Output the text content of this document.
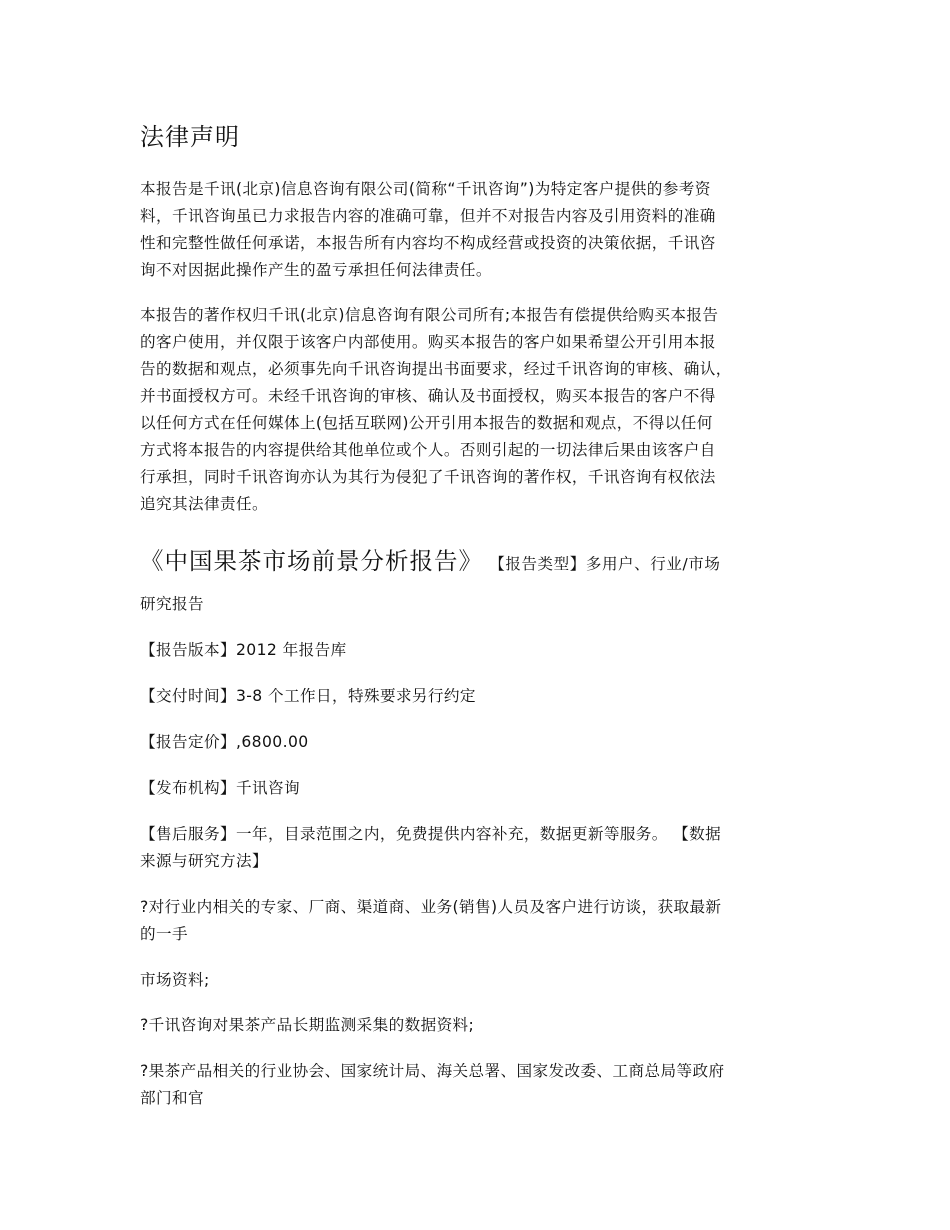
法律声明
本报告是千讯(北京)信息咨询有限公司(简称“千讯咨询”)为特定客户提供的参考资
料，千讯咨询虽已力求报告内容的准确可靠，但并不对报告内容及引用资料的准确
性和完整性做任何承诺，本报告所有内容均不构成经营或投资的决策依据，千讯咨
询不对因据此操作产生的盈亏承担任何法律责任。
本报告的著作权归千讯(北京)信息咨询有限公司所有;本报告有偿提供给购买本报告
的客户使用，并仅限于该客户内部使用。购买本报告的客户如果希望公开引用本报
告的数据和观点，必须事先向千讯咨询提出书面要求，经过千讯咨询的审核、确认，
并书面授权方可。未经千讯咨询的审核、确认及书面授权，购买本报告的客户不得
以任何方式在任何媒体上(包括互联网)公开引用本报告的数据和观点，不得以任何
方式将本报告的内容提供给其他单位或个人。否则引起的一切法律后果由该客户自
行承担，同时千讯咨询亦认为其行为侵犯了千讯咨询的著作权，千讯咨询有权依法
追究其法律责任。
《中国果茶市场前景分析报告》 【报告类型】多用户、行业/市场
研究报告
【报告版本】2012 年报告库
【交付时间】3-8 个工作日，特殊要求另行约定
【报告定价】,6800.00
【发布机构】千讯咨询
【售后服务】一年，目录范围之内，免费提供内容补充，数据更新等服务。 【数据
来源与研究方法】
?对行业内相关的专家、厂商、渠道商、业务(销售)人员及客户进行访谈，获取最新
的一手
市场资料;
?千讯咨询对果茶产品长期监测采集的数据资料;
?果茶产品相关的行业协会、国家统计局、海关总署、国家发改委、工商总局等政府
部门和官
